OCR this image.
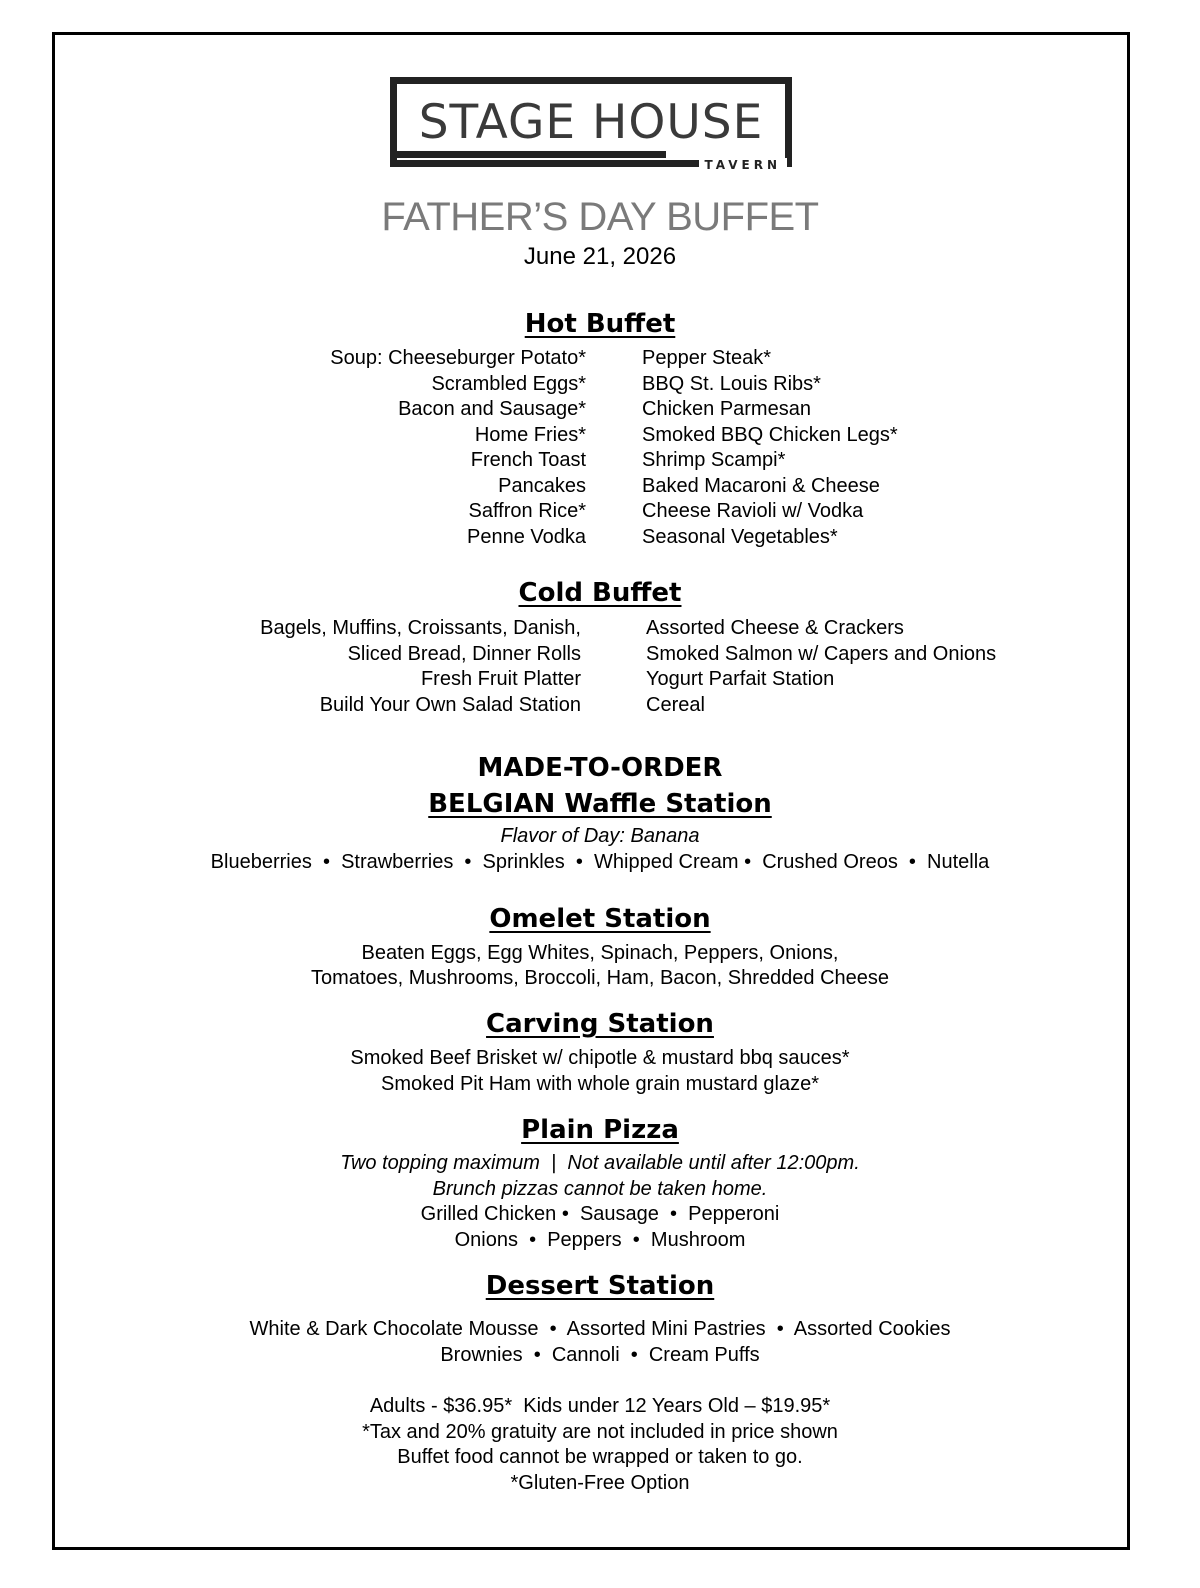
STAGE HOUSE
TAVERN
FATHER’S DAY BUFFET
June 21, 2026
Hot Buffet
Soup: Cheeseburger Potato*
Scrambled Eggs*
Bacon and Sausage*
Home Fries*
French Toast
Pancakes
Saffron Rice*
Penne Vodka
Pepper Steak*
BBQ St. Louis Ribs*
Chicken Parmesan
Smoked BBQ Chicken Legs*
Shrimp Scampi*
Baked Macaroni & Cheese
Cheese Ravioli w/ Vodka
Seasonal Vegetables*
Cold Buffet
Bagels, Muffins, Croissants, Danish,
Sliced Bread, Dinner Rolls
Fresh Fruit Platter
Build Your Own Salad Station
Assorted Cheese & Crackers
Smoked Salmon w/ Capers and Onions
Yogurt Parfait Station
Cereal
MADE-TO-ORDER
BELGIAN Waffle Station
Flavor of Day: Banana
Blueberries  •  Strawberries  •  Sprinkles  •  Whipped Cream •  Crushed Oreos  •  Nutella
Omelet Station
Beaten Eggs, Egg Whites, Spinach, Peppers, Onions,
Tomatoes, Mushrooms, Broccoli, Ham, Bacon, Shredded Cheese
Carving Station
Smoked Beef Brisket w/ chipotle & mustard bbq sauces*
Smoked Pit Ham with whole grain mustard glaze*
Plain Pizza
Two topping maximum  |  Not available until after 12:00pm.
Brunch pizzas cannot be taken home.
Grilled Chicken •  Sausage  •  Pepperoni
Onions  •  Peppers  •  Mushroom
Dessert Station
White & Dark Chocolate Mousse  •  Assorted Mini Pastries  •  Assorted Cookies
Brownies  •  Cannoli  •  Cream Puffs
Adults - $36.95*  Kids under 12 Years Old – $19.95*
*Tax and 20% gratuity are not included in price shown
Buffet food cannot be wrapped or taken to go.
*Gluten-Free Option
